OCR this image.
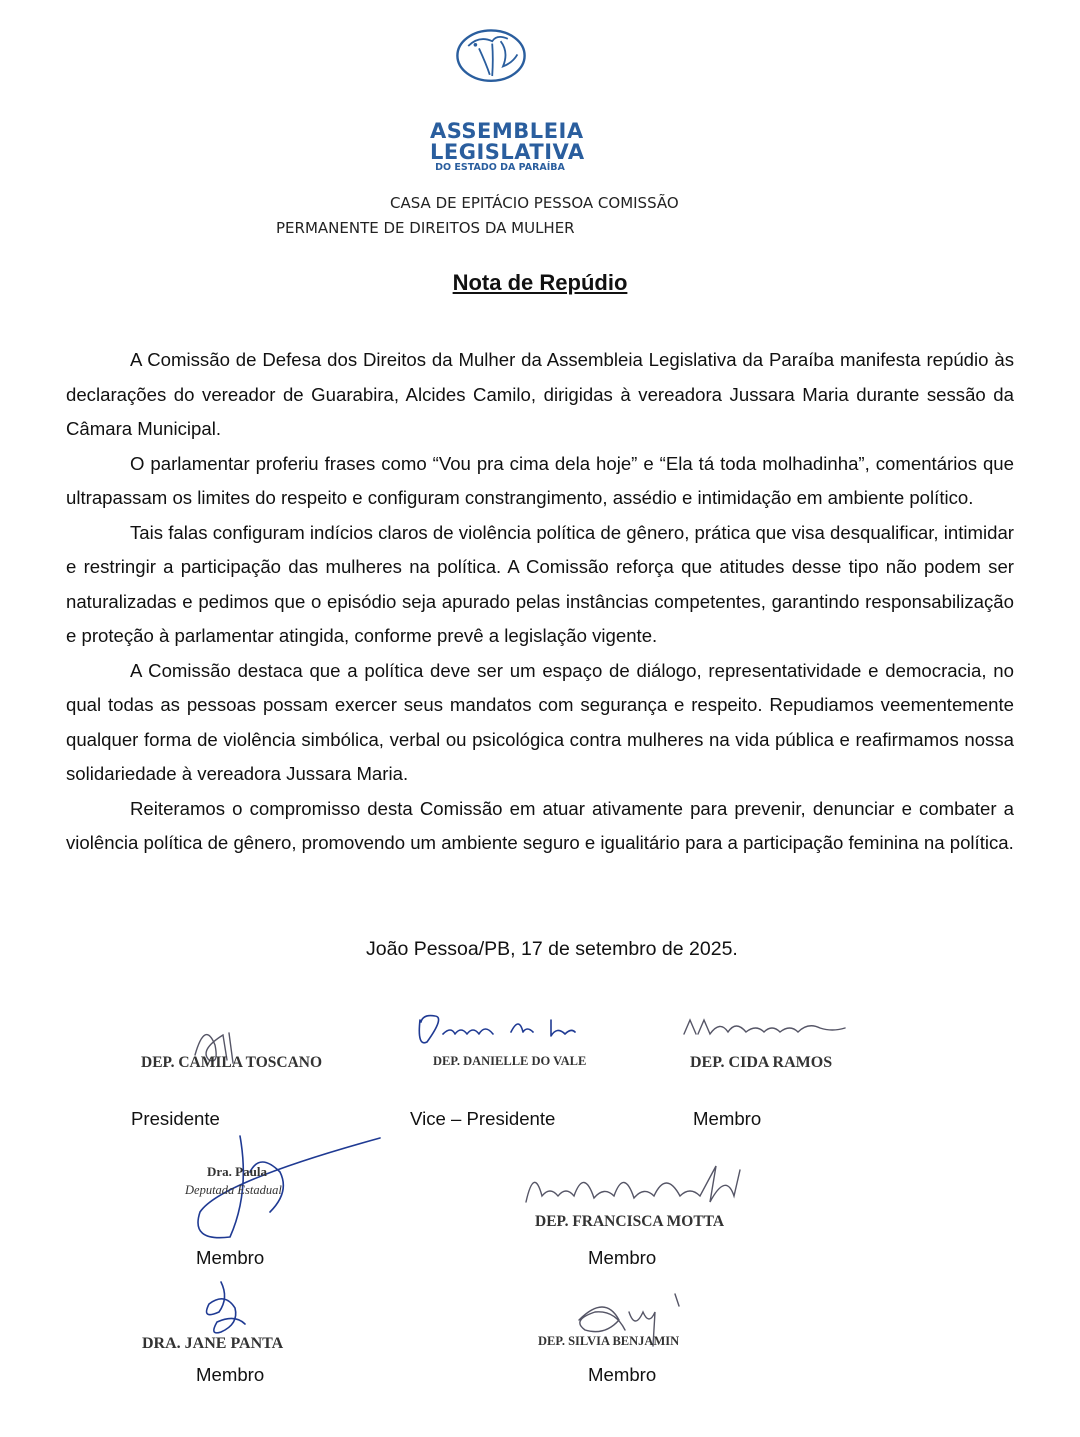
ASSEMBLEIA
LEGISLATIVA
DO ESTADO DA PARAÍBA
CASA DE EPITÁCIO PESSOA COMISSÃO
PERMANENTE DE DIREITOS DA MULHER
Nota de Repúdio

A Comissão de Defesa dos Direitos da Mulher da Assembleia Legislativa da Paraíba manifesta repúdio às declarações do vereador de Guarabira, Alcides Camilo, dirigidas à vereadora Jussara Maria durante sessão da Câmara Municipal.

O parlamentar proferiu frases como “Vou pra cima dela hoje” e “Ela tá toda molhadinha”, comentários que ultrapassam os limites do respeito e configuram constrangimento, assédio e intimidação em ambiente político.

Tais falas configuram indícios claros de violência política de gênero, prática que visa desqualificar, intimidar e restringir a participação das mulheres na política. A Comissão reforça que atitudes desse tipo não podem ser naturalizadas e pedimos que o episódio seja apurado pelas instâncias competentes, garantindo responsabilização e proteção à parlamentar atingida, conforme prevê a legislação vigente.

A Comissão destaca que a política deve ser um espaço de diálogo, representatividade e democracia, no qual todas as pessoas possam exercer seus mandatos com segurança e respeito. Repudiamos veementemente qualquer forma de violência simbólica, verbal ou psicológica contra mulheres na vida pública e reafirmamos nossa solidariedade à vereadora Jussara Maria.

Reiteramos o compromisso desta Comissão em atuar ativamente para prevenir, denunciar e combater a violência política de gênero, promovendo um ambiente seguro e igualitário para a participação feminina na política.

João Pessoa/PB, 17 de setembro de 2025.
DEP. CAMILA TOSCANO
Presidente
DEP. DANIELLE DO VALE
Vice – Presidente
DEP. CIDA RAMOS
Membro
Dra. Paula
Deputada Estadual
Membro
DEP. FRANCISCA MOTTA
Membro
DRA. JANE PANTA
Membro
DEP. SILVIA BENJAMIN
Membro
